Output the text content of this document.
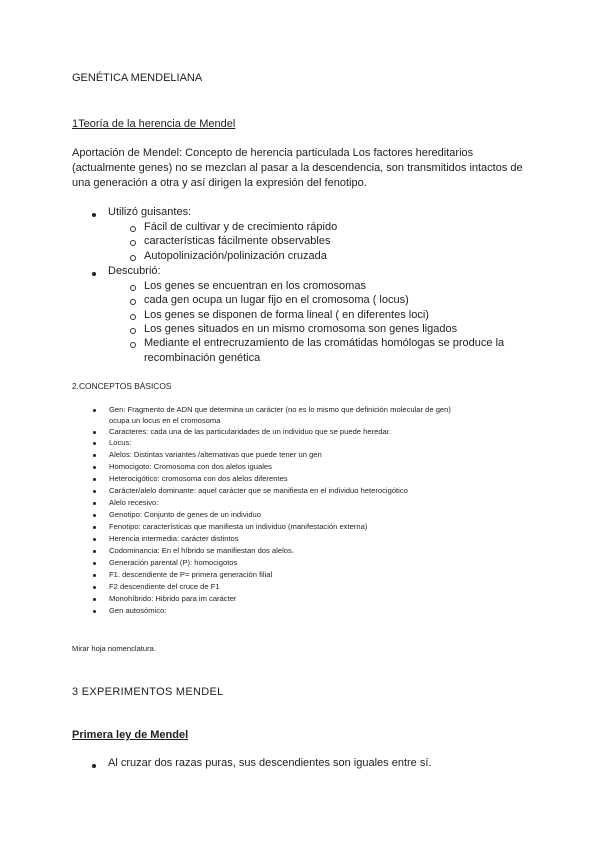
GENÉTICA MENDELIANA
1Teoría de la herencia de Mendel
Aportación de Mendel: Concepto de herencia particulada Los factores hereditarios
(actualmente genes) no se mezclan al pasar a la descendencia, son transmitidos intactos de
una generación a otra y así dirigen la expresión del fenotipo.
Utilizó guisantes:
Fácil de cultivar y de crecimiento rápido
características fácilmente observables
Autopolinización/polinización cruzada
Descubrió:
Los genes se encuentran en los cromosomas
cada gen ocupa un lugar fijo en el cromosoma ( locus)
Los genes se disponen de forma lineal ( en diferentes loci)
Los genes situados en un mismo cromosoma son genes ligados
Mediante el entrecruzamiento de las cromátidas homólogas se produce la
recombinación genética
2.CONCEPTOS BÁSICOS
Gen: Fragmento de ADN que determina un carácter (no es lo mismo que definición molecular de gen)
ocupa un locus en el cromosoma
Caracteres: cada una de las particularidades de un individuo que se puede heredar.
Locus:
Alelos: Distintas variantes /alternativas que puede tener un gen
Homocigoto: Cromosoma con dos alelos iguales
Heterocigótico: cromosoma con dos alelos diferentes
Carácter/alelo dominante: aquel carácter que se manifiesta en el individuo heterocigótico
Alelo recesivo:
Genotipo: Conjunto de genes de un individuo
Fenotipo: características que manifiesta un individuo (manifestación externa)
Herencia intermedia: carácter distintos
Codominancia: En el híbrido se manifiestan dos alelos.
Generación parental (P): homocigotos
F1. descendiente de P= primera generación filial
F2 descendiente del cruce de F1
Monohíbrido: Hibrido para im carácter
Gen autosómico:
Mirar hoja nomenclatura.
3 EXPERIMENTOS MENDEL
Primera ley de Mendel
Al cruzar dos razas puras, sus descendientes son iguales entre sí.
